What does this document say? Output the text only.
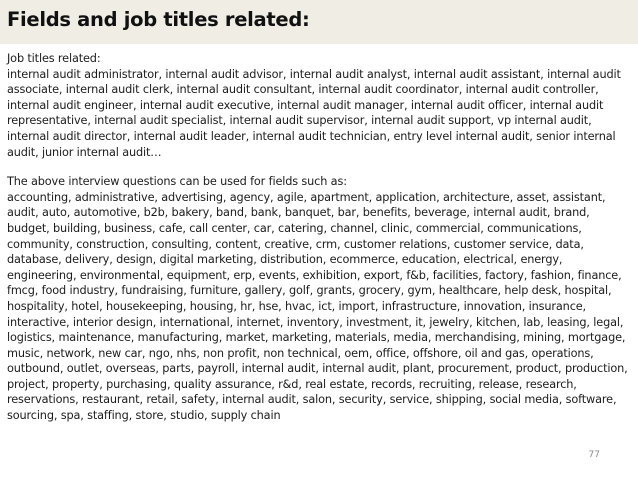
Fields and job titles related:

Job titles related:

internal audit administrator, internal audit advisor, internal audit analyst, internal audit assistant, internal audit associate, internal audit clerk, internal audit consultant, internal audit coordinator, internal audit controller, internal audit engineer, internal audit executive, internal audit manager, internal audit officer, internal audit representative, internal audit specialist, internal audit supervisor, internal audit support, vp internal audit, internal audit director, internal audit leader, internal audit technician, entry level internal audit, senior internal audit, junior internal audit…

The above interview questions can be used for fields such as:

accounting, administrative, advertising, agency, agile, apartment, application, architecture, asset, assistant, audit, auto, automotive, b2b, bakery, band, bank, banquet, bar, benefits, beverage, internal audit, brand, budget, building, business, cafe, call center, car, catering, channel, clinic, commercial, communications, community, construction, consulting, content, creative, crm, customer relations, customer service, data, database, delivery, design, digital marketing, distribution, ecommerce, education, electrical, energy, engineering, environmental, equipment, erp, events, exhibition, export, f&b, facilities, factory, fashion, finance, fmcg, food industry, fundraising, furniture, gallery, golf, grants, grocery, gym, healthcare, help desk, hospital, hospitality, hotel, housekeeping, housing, hr, hse, hvac, ict, import, infrastructure, innovation, insurance, interactive, interior design, international, internet, inventory, investment, it, jewelry, kitchen, lab, leasing, legal, logistics, maintenance, manufacturing, market, marketing, materials, media, merchandising, mining, mortgage, music, network, new car, ngo, nhs, non profit, non technical, oem, office, offshore, oil and gas, operations, outbound, outlet, overseas, parts, payroll, internal audit, internal audit, plant, procurement, product, production, project, property, purchasing, quality assurance, r&d, real estate, records, recruiting, release, research, reservations, restaurant, retail, safety, internal audit, salon, security, service, shipping, social media, software, sourcing, spa, staffing, store, studio, supply chain

77
